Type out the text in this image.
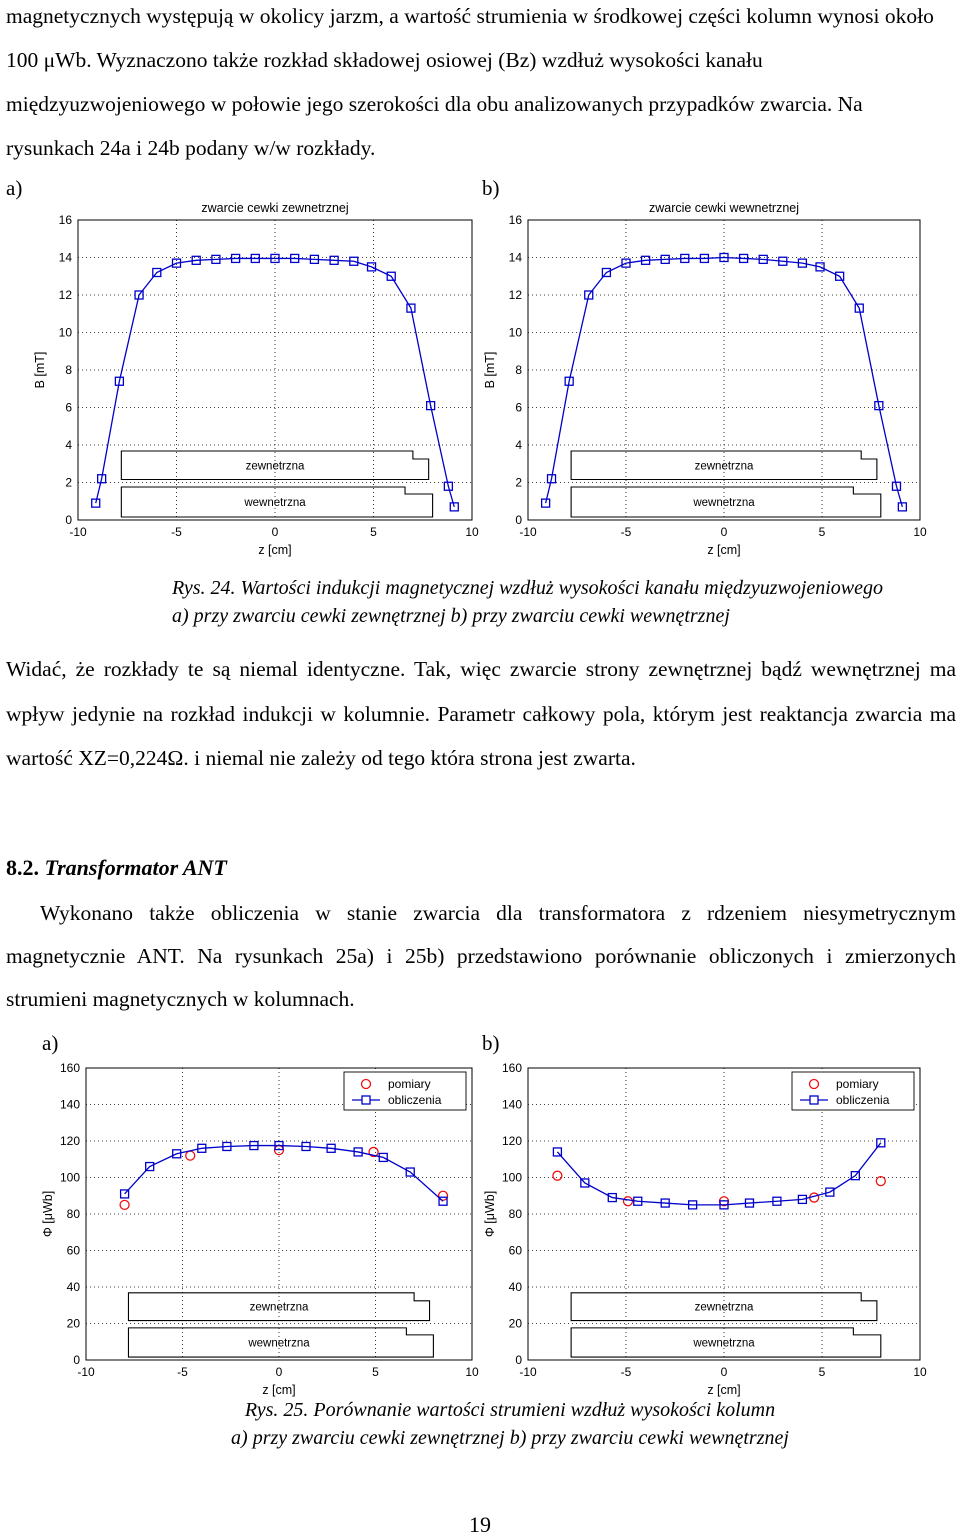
magnetycznych występują w okolicy jarzm, a wartość strumienia w środkowej części kolumn wynosi około 100 μWb. Wyznaczono także rozkład składowej osiowej (Bz) wzdłuż wysokości kanału międzyuzwojeniowego w połowie jego szerokości dla obu analizowanych przypadków zwarcia. Na rysunkach 24a i 24b podany w/w rozkłady.
a)	b)
0
2
4
6
8
10
12
14
16
-10	-5	0	5	10
zwarcie cewki zewnetrznej
z [cm]
B [mT]
zewnetrzna
wewnetrzna
0
2
4
6
8
10
12
14
16
-10	-5	0	5	10
zwarcie cewki wewnetrznej
z [cm]
B [mT]
zewnetrzna
wewnetrzna
Rys. 24. Wartości indukcji magnetycznej wzdłuż wysokości kanału międzyuzwojeniowego
a) przy zwarciu cewki zewnętrznej b) przy zwarciu cewki wewnętrznej
Widać, że rozkłady te są niemal identyczne. Tak, więc zwarcie strony zewnętrznej bądź wewnętrznej ma wpływ jedynie na rozkład indukcji w kolumnie. Parametr całkowy pola, którym jest reaktancja zwarcia ma wartość XZ=0,224Ω. i niemal nie zależy od tego która strona jest zwarta.
8.2. Transformator ANT
Wykonano także obliczenia w stanie zwarcia dla transformatora z rdzeniem niesymetrycznym magnetycznie ANT. Na rysunkach 25a) i 25b) przedstawiono porównanie obliczonych i zmierzonych strumieni magnetycznych w kolumnach.
a)	b)
0
20
40
60
80
100
120
140
160
-10	-5	0	5	10
z [cm]
Φ [μWb]
zewnetrzna
wewnetrzna
pomiary
obliczenia
0
20
40
60
80
100
120
140
160
-10	-5	0	5	10
z [cm]
Φ [μWb]
zewnetrzna
wewnetrzna
pomiary
obliczenia
Rys. 25. Porównanie wartości strumieni wzdłuż wysokości kolumn
a) przy zwarciu cewki zewnętrznej b) przy zwarciu cewki wewnętrznej
19
